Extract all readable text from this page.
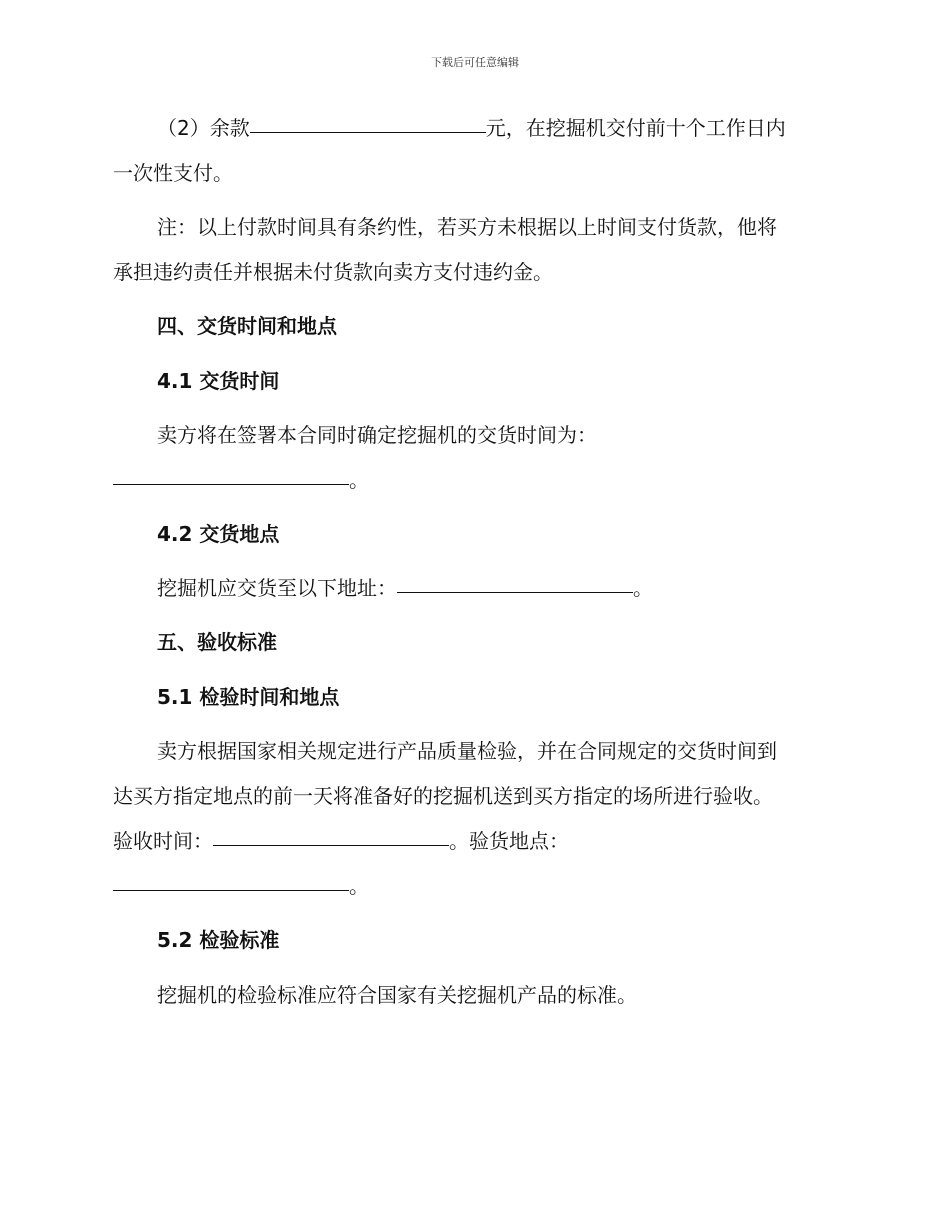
下载后可任意编辑
（2）余款	元，在挖掘机交付前十个工作日内
一次性支付。
注：以上付款时间具有条约性，若买方未根据以上时间支付货款，他将
承担违约责任并根据未付货款向卖方支付违约金。
四、交货时间和地点
4.1 交货时间
卖方将在签署本合同时确定挖掘机的交货时间为：
。
4.2 交货地点
挖掘机应交货至以下地址：	。
五、验收标准
5.1 检验时间和地点
卖方根据国家相关规定进行产品质量检验，并在合同规定的交货时间到
达买方指定地点的前一天将准备好的挖掘机送到买方指定的场所进行验收。
验收时间：	。验货地点：
。
5.2 检验标准
挖掘机的检验标准应符合国家有关挖掘机产品的标准。
